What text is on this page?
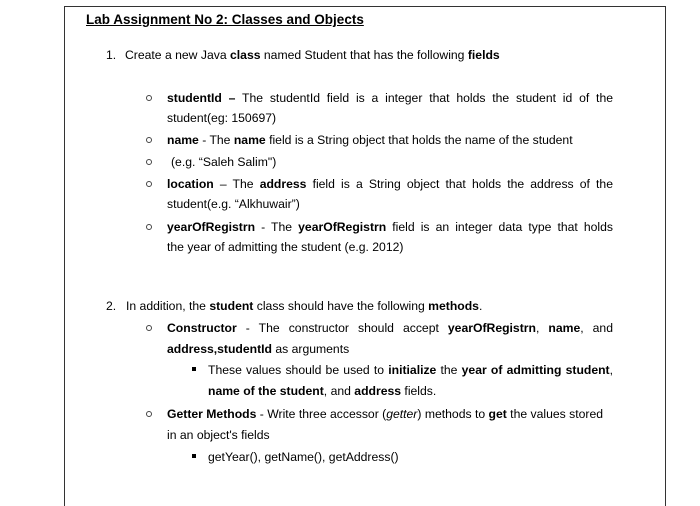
Lab Assignment No 2: Classes and Objects
1. Create a new Java class named Student that has the following fields
studentId – The studentId field is a integer that holds the student id of the
student(eg: 150697)
name - The name field is a String object that holds the name of the student
(e.g. “Saleh Salim")
location – The address field is a String object that holds the address of the
student(e.g. “Alkhuwair”)
yearOfRegistrn - The yearOfRegistrn field is an integer data type that holds
the year of admitting the student (e.g. 2012)
2. In addition, the student class should have the following methods.
Constructor - The constructor should accept yearOfRegistrn, name, and
address,studentId as arguments
These values should be used to initialize the year of admitting student,
name of the student, and address fields.
Getter Methods - Write three accessor (getter) methods to get the values stored
in an object's fields
getYear(), getName(), getAddress()
